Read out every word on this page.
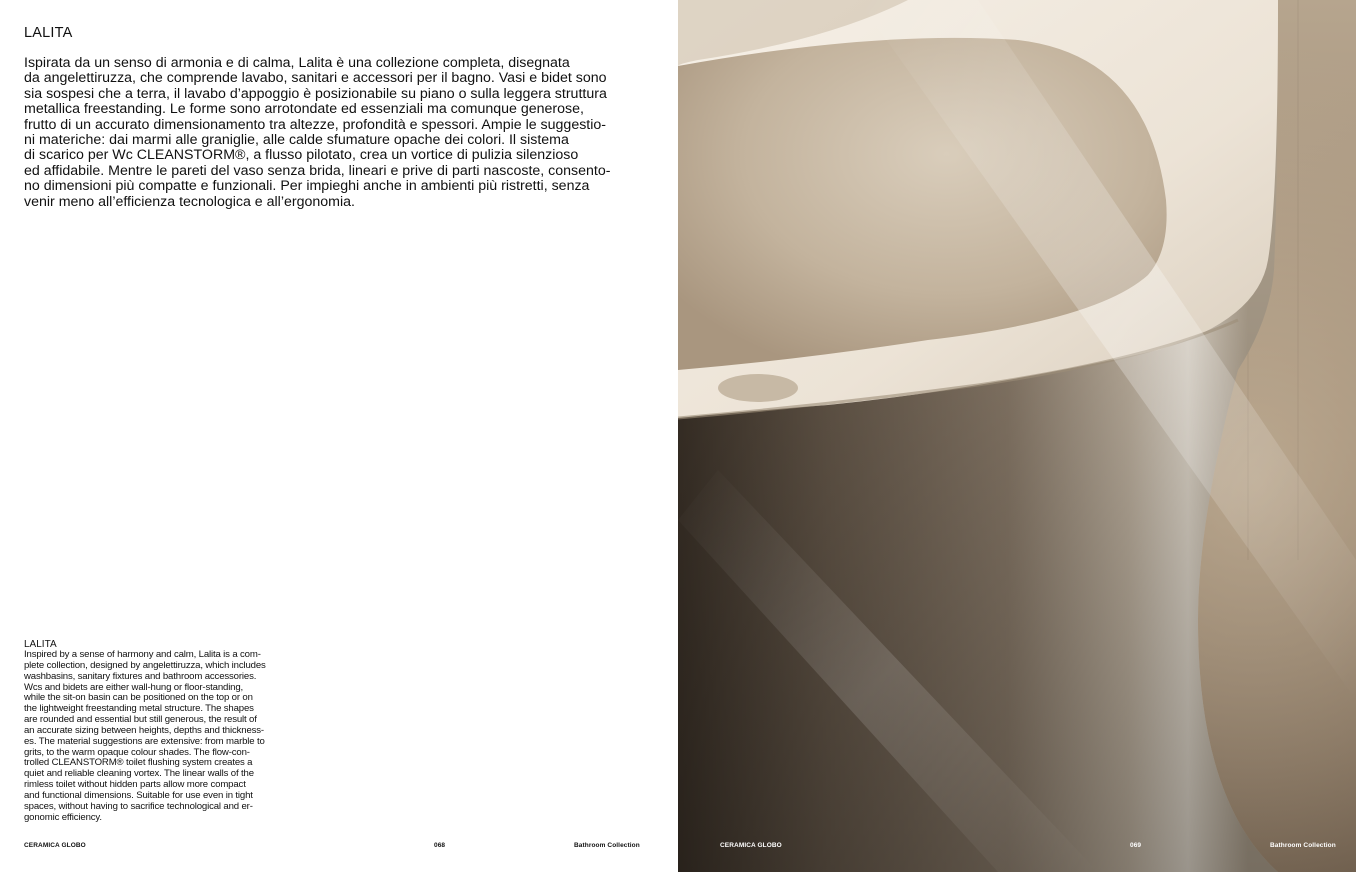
LALITA

Ispirata da un senso di armonia e di calma, Lalita è una collezione completa, disegnata
da angelettiruzza, che comprende lavabo, sanitari e accessori per il bagno. Vasi e bidet sono
sia sospesi che a terra, il lavabo d’appoggio è posizionabile su piano o sulla leggera struttura
metallica freestanding. Le forme sono arrotondate ed essenziali ma comunque generose,
frutto di un accurato dimensionamento tra altezze, profondità e spessori. Ampie le suggestio-
ni materiche: dai marmi alle graniglie, alle calde sfumature opache dei colori. Il sistema
di scarico per Wc CLEANSTORM®, a flusso pilotato, crea un vortice di pulizia silenzioso
ed affidabile. Mentre le pareti del vaso senza brida, lineari e prive di parti nascoste, consento-
no dimensioni più compatte e funzionali. Per impieghi anche in ambienti più ristretti, senza
venir meno all’efficienza tecnologica e all’ergonomia.

LALITA

Inspired by a sense of harmony and calm, Lalita is a com-
plete collection, designed by angelettiruzza, which includes
washbasins, sanitary fixtures and bathroom accessories.
Wcs and bidets are either wall-hung or floor-standing,
while the sit-on basin can be positioned on the top or on
the lightweight freestanding metal structure. The shapes
are rounded and essential but still generous, the result of
an accurate sizing between heights, depths and thickness-
es. The material suggestions are extensive: from marble to
grits, to the warm opaque colour shades. The flow-con-
trolled CLEANSTORM® toilet flushing system creates a
quiet and reliable cleaning vortex. The linear walls of the
rimless toilet without hidden parts allow more compact
and functional dimensions. Suitable for use even in tight
spaces, without having to sacrifice technological and er-
gonomic efficiency.

CERAMICA GLOBO	068	Bathroom Collection	CERAMICA GLOBO	069	Bathroom Collection
